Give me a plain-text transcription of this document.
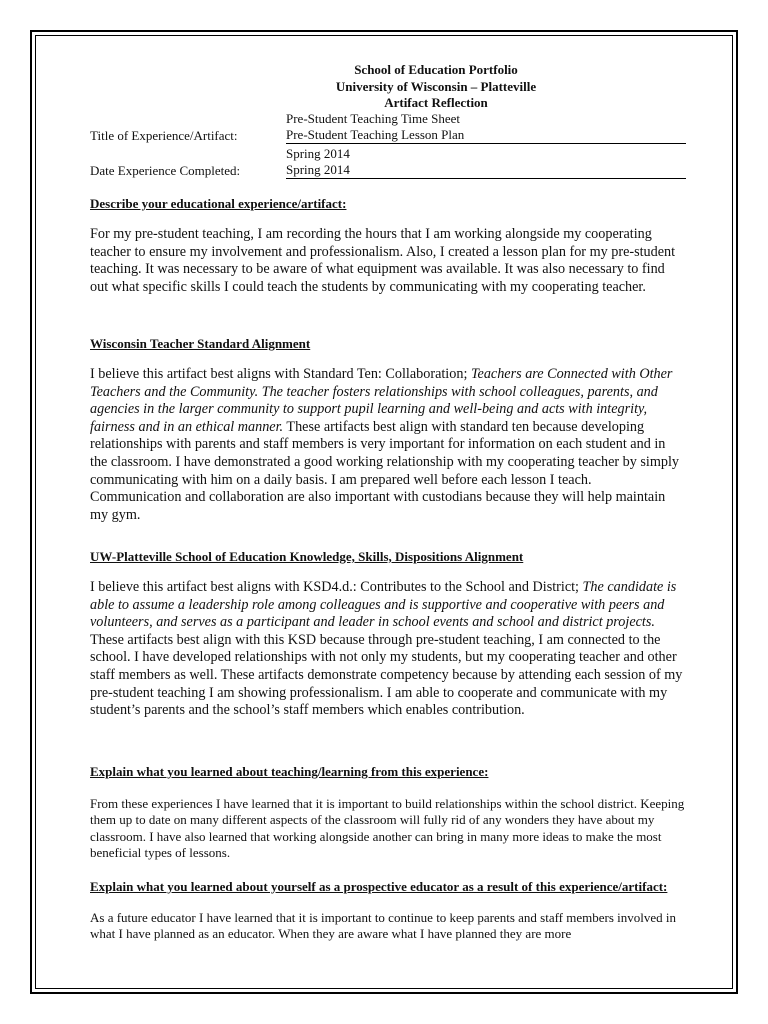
School of Education Portfolio
University of Wisconsin – Platteville
Artifact Reflection
Title of Experience/Artifact:
Pre-Student Teaching Time Sheet
Pre-Student Teaching Lesson Plan
Date Experience Completed:
Spring 2014
Spring 2014
Describe your educational experience/artifact:

For my pre-student teaching, I am recording the hours that I am working alongside my cooperating teacher to ensure my involvement and professionalism. Also, I created a lesson plan for my pre-student teaching. It was necessary to be aware of what equipment was available. It was also necessary to find out what specific skills I could teach the students by communicating with my cooperating teacher.

Wisconsin Teacher Standard Alignment

I believe this artifact best aligns with Standard Ten: Collaboration; Teachers are Connected with Other Teachers and the Community. The teacher fosters relationships with school colleagues, parents, and agencies in the larger community to support pupil learning and well-being and acts with integrity, fairness and in an ethical manner. These artifacts best align with standard ten because developing relationships with parents and staff members is very important for information on each student and in the classroom. I have demonstrated a good working relationship with my cooperating teacher by simply communicating with him on a daily basis. I am prepared well before each lesson I teach. Communication and collaboration are also important with custodians because they will help maintain my gym.

UW-Platteville School of Education Knowledge, Skills, Dispositions Alignment

I believe this artifact best aligns with KSD4.d.: Contributes to the School and District; The candidate is able to assume a leadership role among colleagues and is supportive and cooperative with peers and volunteers, and serves as a participant and leader in school events and school and district projects. These artifacts best align with this KSD because through pre-student teaching, I am connected to the school. I have developed relationships with not only my students, but my cooperating teacher and other staff members as well. These artifacts demonstrate competency because by attending each session of my pre-student teaching I am showing professionalism. I am able to cooperate and communicate with my student’s parents and the school’s staff members which enables contribution.

Explain what you learned about teaching/learning from this experience:

From these experiences I have learned that it is important to build relationships within the school district. Keeping them up to date on many different aspects of the classroom will fully rid of any wonders they have about my classroom. I have also learned that working alongside another can bring in many more ideas to make the most beneficial types of lessons.

Explain what you learned about yourself as a prospective educator as a result of this experience/artifact:

As a future educator I have learned that it is important to continue to keep parents and staff members involved in what I have planned as an educator. When they are aware what I have planned they are more
